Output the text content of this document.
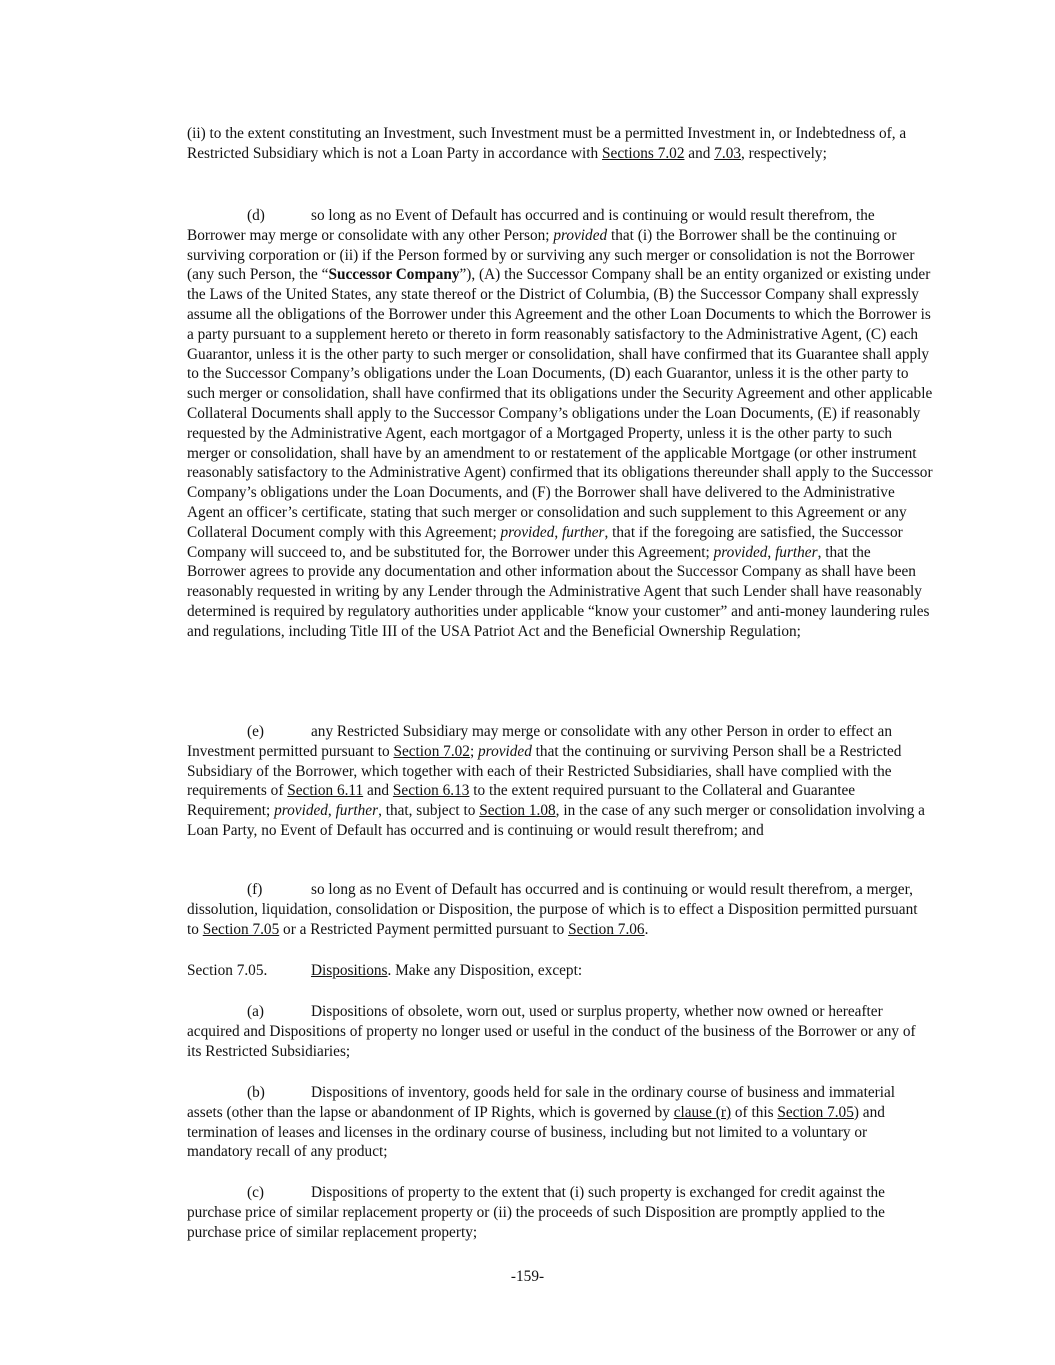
(ii) to the extent constituting an Investment, such Investment must be a permitted Investment in, or Indebtedness of, a Restricted Subsidiary which is not a Loan Party in accordance with Sections 7.02 and 7.03, respectively;

(d)	so long as no Event of Default has occurred and is continuing or would result therefrom, the Borrower may merge or consolidate with any other Person; provided that (i) the Borrower shall be the continuing or surviving corporation or (ii) if the Person formed by or surviving any such merger or consolidation is not the Borrower (any such Person, the “Successor Company”), (A) the Successor Company shall be an entity organized or existing under the Laws of the United States, any state thereof or the District of Columbia, (B) the Successor Company shall expressly assume all the obligations of the Borrower under this Agreement and the other Loan Documents to which the Borrower is a party pursuant to a supplement hereto or thereto in form reasonably satisfactory to the Administrative Agent, (C) each Guarantor, unless it is the other party to such merger or consolidation, shall have confirmed that its Guarantee shall apply to the Successor Company’s obligations under the Loan Documents, (D) each Guarantor, unless it is the other party to such merger or consolidation, shall have confirmed that its obligations under the Security Agreement and other applicable Collateral Documents shall apply to the Successor Company’s obligations under the Loan Documents, (E) if reasonably requested by the Administrative Agent, each mortgagor of a Mortgaged Property, unless it is the other party to such merger or consolidation, shall have by an amendment to or restatement of the applicable Mortgage (or other instrument reasonably satisfactory to the Administrative Agent) confirmed that its obligations thereunder shall apply to the Successor Company’s obligations under the Loan Documents, and (F) the Borrower shall have delivered to the Administrative Agent an officer’s certificate, stating that such merger or consolidation and such supplement to this Agreement or any Collateral Document comply with this Agreement; provided, further, that if the foregoing are satisfied, the Successor Company will succeed to, and be substituted for, the Borrower under this Agreement; provided, further, that the Borrower agrees to provide any documentation and other information about the Successor Company as shall have been reasonably requested in writing by any Lender through the Administrative Agent that such Lender shall have reasonably determined is required by regulatory authorities under applicable “know your customer” and anti-money laundering rules and regulations, including Title III of the USA Patriot Act and the Beneficial Ownership Regulation;

(e)	any Restricted Subsidiary may merge or consolidate with any other Person in order to effect an Investment permitted pursuant to Section 7.02; provided that the continuing or surviving Person shall be a Restricted Subsidiary of the Borrower, which together with each of their Restricted Subsidiaries, shall have complied with the requirements of Section 6.11 and Section 6.13 to the extent required pursuant to the Collateral and Guarantee Requirement; provided, further, that, subject to Section 1.08, in the case of any such merger or consolidation involving a Loan Party, no Event of Default has occurred and is continuing or would result therefrom; and

(f)	so long as no Event of Default has occurred and is continuing or would result therefrom, a merger, dissolution, liquidation, consolidation or Disposition, the purpose of which is to effect a Disposition permitted pursuant to Section 7.05 or a Restricted Payment permitted pursuant to Section 7.06.

Section 7.05.	Dispositions. Make any Disposition, except:

(a)	Dispositions of obsolete, worn out, used or surplus property, whether now owned or hereafter acquired and Dispositions of property no longer used or useful in the conduct of the business of the Borrower or any of its Restricted Subsidiaries;

(b)	Dispositions of inventory, goods held for sale in the ordinary course of business and immaterial assets (other than the lapse or abandonment of IP Rights, which is governed by clause (r) of this Section 7.05) and termination of leases and licenses in the ordinary course of business, including but not limited to a voluntary or mandatory recall of any product;

(c)	Dispositions of property to the extent that (i) such property is exchanged for credit against the purchase price of similar replacement property or (ii) the proceeds of such Disposition are promptly applied to the purchase price of similar replacement property;

-159-
